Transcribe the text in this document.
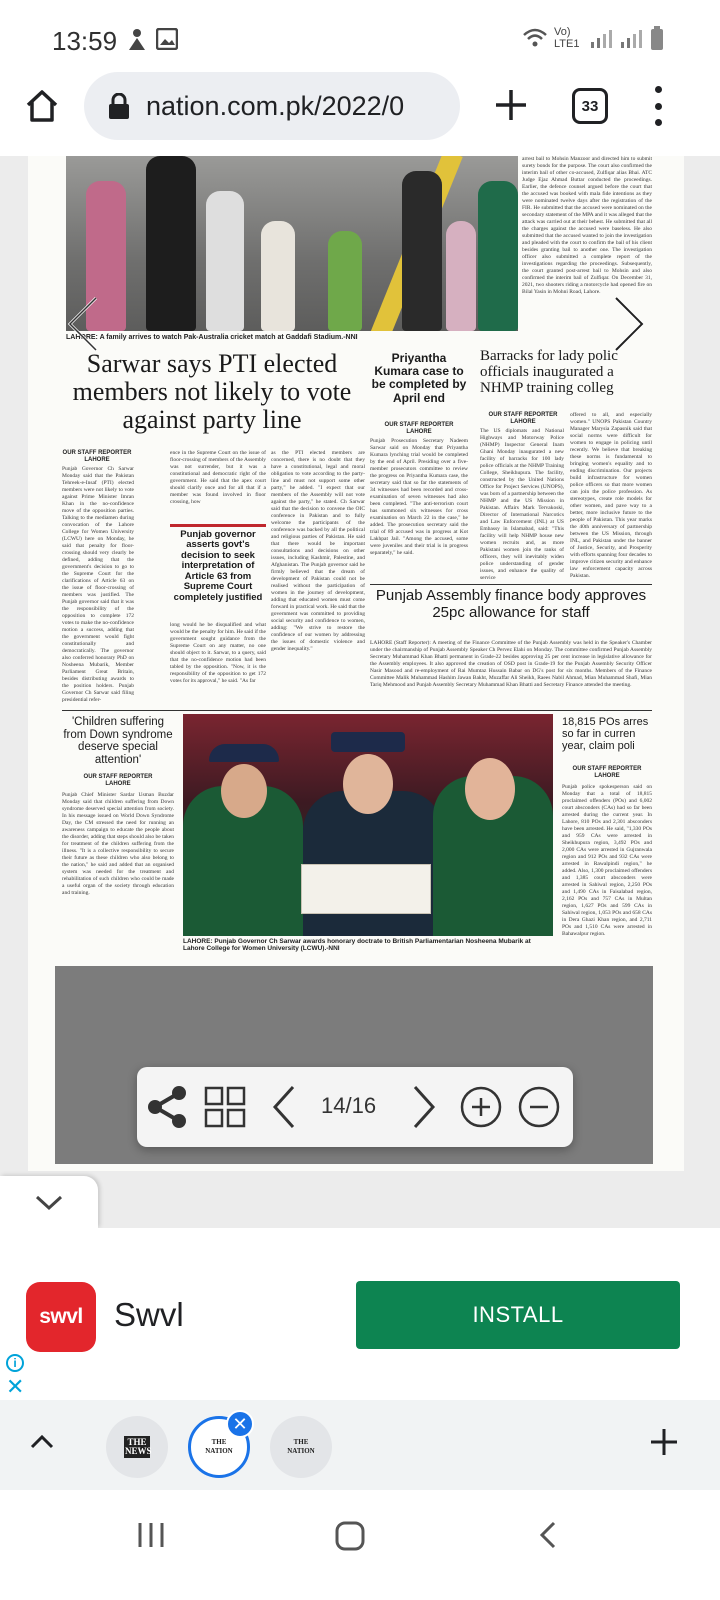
13:59	Vo) LTE1
nation.com.pk/2022/0	33
LAHORE: A family arrives to watch Pak-Australia cricket match at Gaddafi Stadium.-NNI
arrest bail to Mohsin Manzoor and directed him to submit surety bonds for the purpose. The court also confirmed the interim bail of other co-accused, Zulfiqar alias Bhai. ATC Judge Ejaz Ahmad Buttar conducted the proceedings. Earlier, the defence counsel argued before the court that the accused was booked with mala fide intentions as they were nominated twelve days after the registration of the FIR. He submitted that the accused were nominated on the secondary statement of the MPA and it was alleged that the attack was carried out at their behest. He submitted that all the charges against the accused were baseless. He also submitted that the accused wanted to join the investigation and pleaded with the court to confirm the bail of his client besides granting bail to another one. The investigation officer also submitted a complete report of the investigations regarding the proceedings. Subsequently, the court granted post-arrest bail to Mohsin and also confirmed the interim bail of Zulfiqar. On December 31, 2021, two shooters riding a motorcycle had opened fire on Bilal Yasin in Mohni Road, Lahore.
Sarwar says PTI elected members not likely to vote against party line
OUR STAFF REPORTER
LAHORE
Punjab Governor Ch Sarwar Monday said that the Pakistan Tehreek-e-Insaf (PTI) elected members were not likely to vote against Prime Minister Imran Khan in the no-confidence move of the opposition parties. Talking to the mediamen during convocation of the Lahore College for Women University (LCWU) here on Monday, he said that penalty for floor-crossing should very clearly be defined, adding that the government's decision to go to the Supreme Court for the clarifications of Article 63 on the issue of floor-crossing of members was justified. The Punjab governor said that it was the responsibility of the opposition to complete 172 votes to make the no-confidence motion a success, adding that the government would fight constitutionally and democratically. The governor also conferred honorary PhD on Nosheena Mubarik, Member Parliament Great Britain, besides distributing awards to the position holders. Punjab Governor Ch Sarwar said filing presidential refer-
ence in the Supreme Court on the issue of floor-crossing of members of the Assembly was not surrender, but it was a constitutional and democratic right of the government. He said that the apex court should clarify once and for all that if a member was found involved in floor crossing, how
Punjab governor asserts govt's decision to seek interpretation of Article 63 from Supreme Court completely justified
long would he be disqualified and what would be the penalty for him. He said if the government sought guidance from the Supreme Court on any matter, no one should object to it. Sarwar, to a query, said that the no-confidence motion had been tabled by the opposition. "Now, it is the responsibility of the opposition to get 172 votes for its approval," he said. "As far
as the PTI elected members are concerned, there is no doubt that they have a constitutional, legal and moral obligation to vote according to the party-line and must not support some other party," he added. "I expect that our members of the Assembly will not vote against the party," he stated. Ch Sarwar said that the decision to convene the OIC conference in Pakistan and to fully welcome the participants of the conference was backed by all the political and religious parties of Pakistan. He said that there would be important consultations and decisions on other issues, including Kashmir, Palestine, and Afghanistan. The Punjab governor said he firmly believed that the dream of development of Pakistan could not be realised without the participation of women in the journey of development, adding that educated women must come forward in practical work. He said that the government was committed to providing social security and confidence to women, adding: "We strive to restore the confidence of our women by addressing the issues of domestic violence and gender inequality."
Priyantha Kumara case to be completed by April end
OUR STAFF REPORTER
LAHORE
Punjab Prosecution Secretary Nadeem Sarwar said on Monday that Priyantha Kumara lynching trial would be completed by the end of April. Presiding over a five-member prosecutors committee to review the progress on Priyantha Kumara case, the secretary said that so far the statements of 34 witnesses had been recorded and cross-examination of seven witnesses had also been completed. "The anti-terrorism court has summoned six witnesses for cross examination on March 22 in the case," he added. The prosecution secretary said the trial of 89 accused was in progress at Kot Lakhpat Jail. "Among the accused, some were juveniles and their trial is in progress separately," he said.
Barracks for lady polic officials inaugurated a NHMP training colleg
OUR STAFF REPORTER
LAHORE
The US diplomats and National Highways and Motorway Police (NHMP) Inspector General Inam Ghani Monday inaugurated a new facility of barracks for 100 lady police officials at the NHMP Training College, Sheikhupura. The facility, constructed by the United Nations Office for Project Services (UNOPS), was born of a partnership between the NHMP and the US Mission in Pakistan. Affairs Mark Tervakoski, Director of International Narcotics and Law Enforcement (INL) at US Embassy in Islamabad, said: "This facility will help NHMP house new women recruits and, as more Pakistani women join the ranks of officers, they will inevitably widen police understanding of gender issues, and enhance the quality of service
offered to all, and especially women." UNOPS Pakistan Country Manager Marysia Zapasnik said that social norms were difficult for women to engage in policing until recently. We believe that breaking these norms is fundamental to bringing women's equality and to ending discrimination. Our projects build infrastructure for women police officers so that more women can join the police profession. As stereotypes, create role models for other women, and pave way to a better, more inclusive future to the people of Pakistan. This year marks the 40th anniversary of partnership between the US Mission, through INL, and Pakistan under the banner of Justice, Security, and Prosperity with efforts spanning four decades to improve citizen security and enhance law enforcement capacity across Pakistan.
Punjab Assembly finance body approves 25pc allowance for staff
LAHORE (Staff Reporter): A meeting of the Finance Committee of the Punjab Assembly was held in the Speaker's Chamber under the chairmanship of Punjab Assembly Speaker Ch Pervez Elahi on Monday. The committee confirmed Punjab Assembly Secretary Muhammad Khan Bhatti permanent in Grade-22 besides approving 25 per cent increase in legislative allowance for the Assembly employees. It also approved the creation of OSD post in Grade-19 for the Punjab Assembly Security Officer Nasir Masood and re-employment of Rai Mumtaz Hussain Babar on DG's post for six months. Members of the Finance Committee Malik Muhammad Hashim Jawan Bakht, Muzaffar Ali Sheikh, Raees Nabil Ahmad, Mian Muhammad Shafi, Mian Tariq Mehmood and Punjab Assembly Secretary Muhammad Khan Bhatti and Secretary Finance attended the meeting.
'Children suffering from Down syndrome deserve special attention'
OUR STAFF REPORTER
LAHORE
Punjab Chief Minister Sardar Usman Buzdar Monday said that children suffering from Down syndrome deserved special attention from society. In his message issued on World Down Syndrome Day, the CM stressed the need for running an awareness campaign to educate the people about the disorder, adding that steps should also be taken for treatment of the children suffering from the illness. "It is a collective responsibility to secure their future as these children who also belong to the nation," he said and added that an organised system was needed for the treatment and rehabilitation of such children who could be made a useful organ of the society through education and training.
LAHORE: Punjab Governor Ch Sarwar awards honorary doctrate to British Parliamentarian Nosheena Mubarik at Lahore College for Women University (LCWU).-NNI
18,815 POs arres so far in curren year, claim poli
OUR STAFF REPORTER
LAHORE
Punjab police spokesperson said on Monday that a total of 18,815 proclaimed offenders (POs) and 6,002 court absconders (CAs) had so far been arrested during the current year. In Lahore, 810 POs and 2,301 absconders have been arrested. He said, "1,330 POs and 959 CAs were arrested in Sheikhupura region, 3,492 POs and 2,000 CAs were arrested in Gujranwala region and 912 POs and 932 CAs were arrested in Rawalpindi region," he added. Also, 1,300 proclaimed offenders and 1,385 court absconders were arrested in Sahiwal region, 2,250 POs and 1,490 CAs in Faisalabad region, 2,162 POs and 757 CAs in Multan region, 1,627 POs and 599 CAs in Sahiwal region, 1,053 POs and 658 CAs in Dera Ghazi Khan region, and 2,711 POs and 1,510 CAs were arrested in Bahawalpur region.
14/16
swvl Swvl	INSTALL
i
✕
THE NEWS
THE NATION
✕
THE NATION
